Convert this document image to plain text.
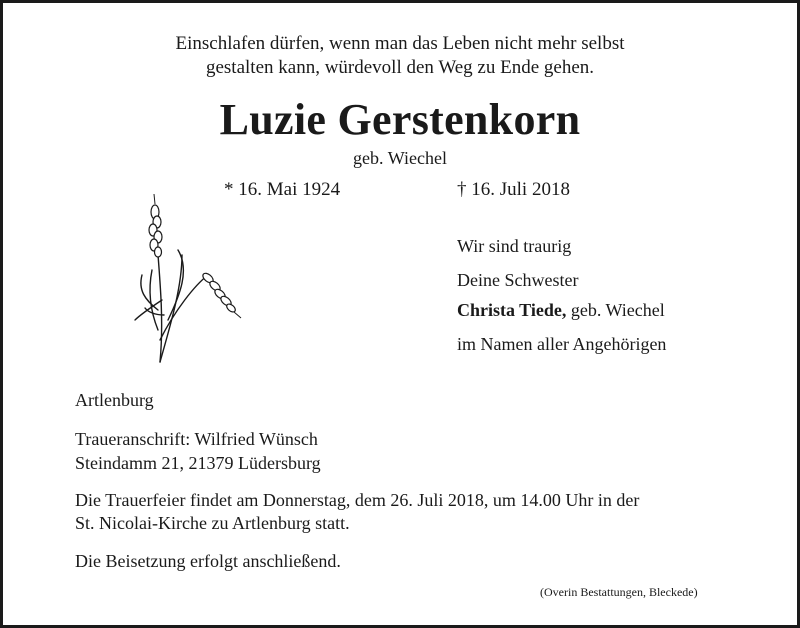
Einschlafen dürfen, wenn man das Leben nicht mehr selbst
gestalten kann, würdevoll den Weg zu Ende gehen.
Luzie Gerstenkorn
geb. Wiechel
* 16. Mai 1924	† 16. Juli 2018
Wir sind traurig
Deine Schwester
Christa Tiede, geb. Wiechel
im Namen aller Angehörigen
Artlenburg
Traueranschrift: Wilfried Wünsch
Steindamm 21, 21379 Lüdersburg
Die Trauerfeier findet am Donnerstag, dem 26. Juli 2018, um 14.00 Uhr in der
St. Nicolai-Kirche zu Artlenburg statt.
Die Beisetzung erfolgt anschließend.
(Overin Bestattungen, Bleckede)
